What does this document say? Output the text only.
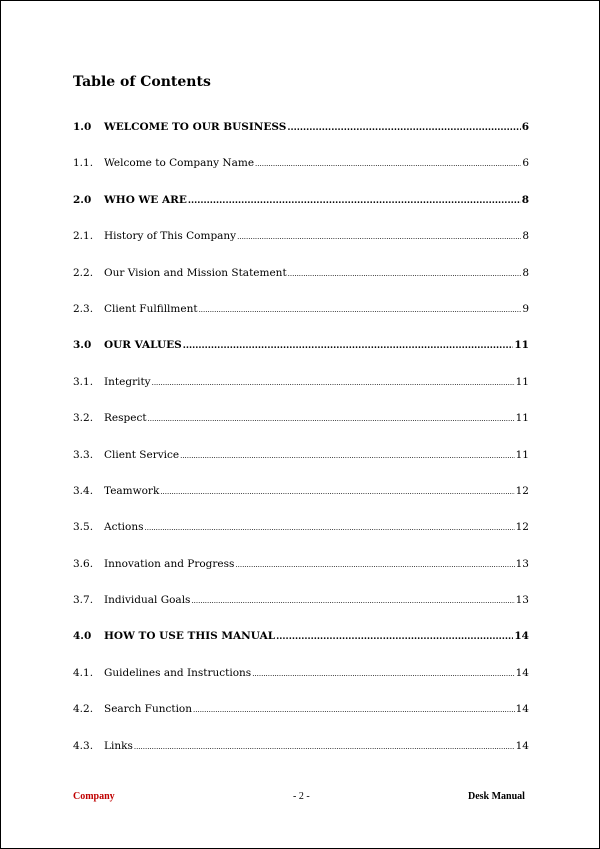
Table of Contents
1.0	WELCOME TO OUR BUSINESS .....	6
1.1.	Welcome to Company Name .....	6
2.0	WHO WE ARE .....	8
2.1.	History of This Company .....	8
2.2.	Our Vision and Mission Statement .....	8
2.3.	Client Fulfillment .....	9
3.0	OUR VALUES .....	11
3.1.	Integrity .....	11
3.2.	Respect .....	11
3.3.	Client Service .....	11
3.4.	Teamwork .....	12
3.5.	Actions .....	12
3.6.	Innovation and Progress .....	13
3.7.	Individual Goals .....	13
4.0	HOW TO USE THIS MANUAL .....	14
4.1.	Guidelines and Instructions .....	14
4.2.	Search Function .....	14
4.3.	Links .....	14
Company	- 2 -	Desk Manual
